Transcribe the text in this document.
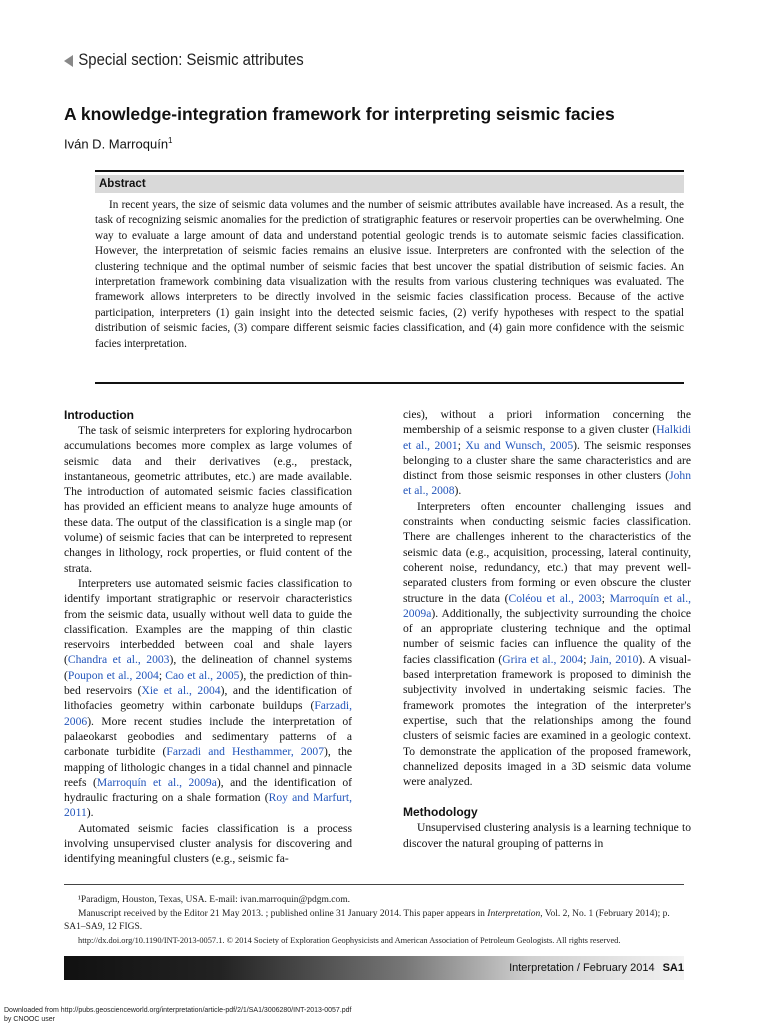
Special section: Seismic attributes
A knowledge-integration framework for interpreting seismic facies
Iván D. Marroquín$^1$
Abstract
In recent years, the size of seismic data volumes and the number of seismic attributes available have increased. As a result, the task of recognizing seismic anomalies for the prediction of stratigraphic features or reservoir properties can be overwhelming. One way to evaluate a large amount of data and understand potential geologic trends is to automate seismic facies classification. However, the interpretation of seismic facies remains an elusive issue. Interpreters are confronted with the selection of the clustering technique and the optimal number of seismic facies that best uncover the spatial distribution of seismic facies. An interpretation framework combining data visualization with the results from various clustering techniques was evaluated. The framework allows interpreters to be directly involved in the seismic facies classification process. Because of the active participation, interpreters (1) gain insight into the detected seismic facies, (2) verify hypotheses with respect to the spatial distribution of seismic facies, (3) compare different seismic facies classification, and (4) gain more confidence with the seismic facies interpretation.
Introduction

The task of seismic interpreters for exploring hydrocarbon accumulations becomes more complex as large volumes of seismic data and their derivatives (e.g., prestack, instantaneous, geometric attributes, etc.) are made available. The introduction of automated seismic facies classification has provided an efficient means to analyze huge amounts of these data. The output of the classification is a single map (or volume) of seismic facies that can be interpreted to represent changes in lithology, rock properties, or fluid content of the strata.

Interpreters use automated seismic facies classification to identify important stratigraphic or reservoir characteristics from the seismic data, usually without well data to guide the classification. Examples are the mapping of thin clastic reservoirs interbedded between coal and shale layers (Chandra et al., 2003), the delineation of channel systems (Poupon et al., 2004; Cao et al., 2005), the prediction of thin-bed reservoirs (Xie et al., 2004), and the identification of lithofacies geometry within carbonate buildups (Farzadi, 2006). More recent studies include the interpretation of palaeokarst geobodies and sedimentary patterns of a carbonate turbidite (Farzadi and Hesthammer, 2007), the mapping of lithologic changes in a tidal channel and pinnacle reefs (Marroquín et al., 2009a), and the identification of hydraulic fracturing on a shale formation (Roy and Marfurt, 2011).

Automated seismic facies classification is a process involving unsupervised cluster analysis for discovering and identifying meaningful clusters (e.g., seismic fa-

cies), without a priori information concerning the membership of a seismic response to a given cluster (Halkidi et al., 2001; Xu and Wunsch, 2005). The seismic responses belonging to a cluster share the same characteristics and are distinct from those seismic responses in other clusters (John et al., 2008).

Interpreters often encounter challenging issues and constraints when conducting seismic facies classification. There are challenges inherent to the characteristics of the seismic data (e.g., acquisition, processing, lateral continuity, coherent noise, redundancy, etc.) that may prevent well-separated clusters from forming or even obscure the cluster structure in the data (Coléou et al., 2003; Marroquín et al., 2009a). Additionally, the subjectivity surrounding the choice of an appropriate clustering technique and the optimal number of seismic facies can influence the quality of the facies classification (Grira et al., 2004; Jain, 2010). A visual-based interpretation framework is proposed to diminish the subjectivity involved in undertaking seismic facies. The framework promotes the integration of the interpreter's expertise, such that the relationships among the found clusters of seismic facies are examined in a geologic context. To demonstrate the application of the proposed framework, channelized deposits imaged in a 3D seismic data volume were analyzed.

Methodology

Unsupervised clustering analysis is a learning technique to discover the natural grouping of patterns in

¹Paradigm, Houston, Texas, USA. E-mail: ivan.marroquin@pdgm.com.
Manuscript received by the Editor 21 May 2013. ; published online 31 January 2014. This paper appears in Interpretation, Vol. 2, No. 1 (February 2014); p. SA1–SA9, 12 FIGS.
http://dx.doi.org/10.1190/INT-2013-0057.1. © 2014 Society of Exploration Geophysicists and American Association of Petroleum Geologists. All rights reserved.
Interpretation / February 2014 SA1
Downloaded from http://pubs.geoscienceworld.org/interpretation/article-pdf/2/1/SA1/3006280/INT-2013-0057.pdf
by CNOOC user
